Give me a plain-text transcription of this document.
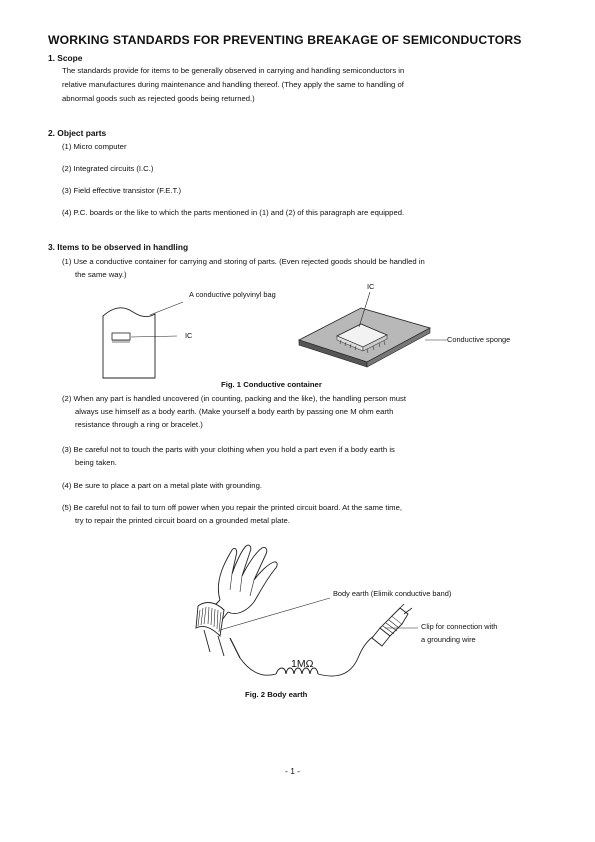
WORKING STANDARDS FOR PREVENTING BREAKAGE OF SEMICONDUCTORS
1. Scope
The standards provide for items to be generally observed in carrying and handling semiconductors in
relative manufactures during maintenance and handling thereof. (They apply the same to handling of
abnormal goods such as rejected goods being returned.)
2. Object parts
(1) Micro computer
(2) Integrated circuits (I.C.)
(3) Field effective transistor (F.E.T.)
(4) P.C. boards or the like to which the parts mentioned in (1) and (2) of this paragraph are equipped.
3. Items to be observed in handling
(1) Use a conductive container for carrying and storing of parts. (Even rejected goods should be handled in
the same way.)
A conductive polyvinyl bag
IC
IC
Conductive sponge
Fig. 1 Conductive container
(2) When any part is handled uncovered (in counting, packing and the like), the handling person must
always use himself as a body earth. (Make yourself a body earth by passing one M ohm earth
resistance through a ring or bracelet.)
(3) Be careful not to touch the parts with your clothing when you hold a part even if a body earth is
being taken.
(4) Be sure to place a part on a metal plate with grounding.
(5) Be careful not to fail to turn off power when you repair the printed circuit board. At the same time,
try to repair the printed circuit board on a grounded metal plate.
Body earth (Elimik conductive band)
Clip for connection with
a grounding wire
1MΩ
Fig. 2 Body earth
- 1 -
